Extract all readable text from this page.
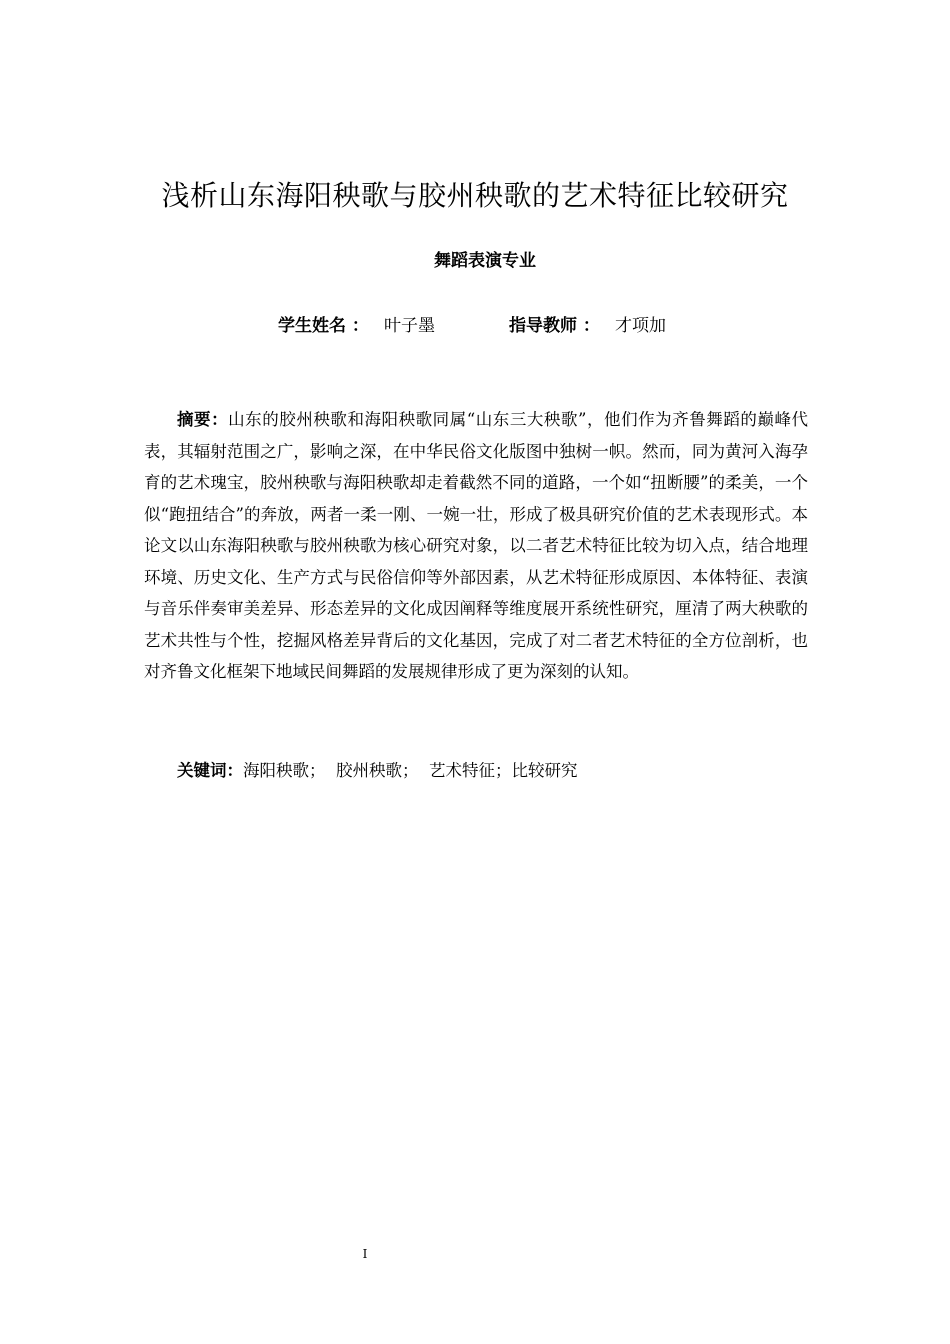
浅析山东海阳秧歌与胶州秧歌的艺术特征比较研究
舞蹈表演专业
学生姓名 ： 叶子墨	指导教师 ： 才项加
摘要：山东的胶州秧歌和海阳秧歌同属“山东三大秧歌”，他们作为齐鲁舞蹈的巅峰代表，其辐射范围之广，影响之深，在中华民俗文化版图中独树一帜。然而，同为黄河入海孕育的艺术瑰宝，胶州秧歌与海阳秧歌却走着截然不同的道路，一个如“扭断腰”的柔美，一个似“跑扭结合”的奔放，两者一柔一刚、一婉一壮，形成了极具研究价值的艺术表现形式。本论文以山东海阳秧歌与胶州秧歌为核心研究对象，以二者艺术特征比较为切入点，结合地理环境、历史文化、生产方式与民俗信仰等外部因素，从艺术特征形成原因、本体特征、表演与音乐伴奏审美差异、形态差异的文化成因阐释等维度展开系统性研究，厘清了两大秧歌的艺术共性与个性，挖掘风格差异背后的文化基因，完成了对二者艺术特征的全方位剖析，也对齐鲁文化框架下地域民间舞蹈的发展规律形成了更为深刻的认知。
关键词：海阳秧歌；  胶州秧歌；  艺术特征；比较研究
I
